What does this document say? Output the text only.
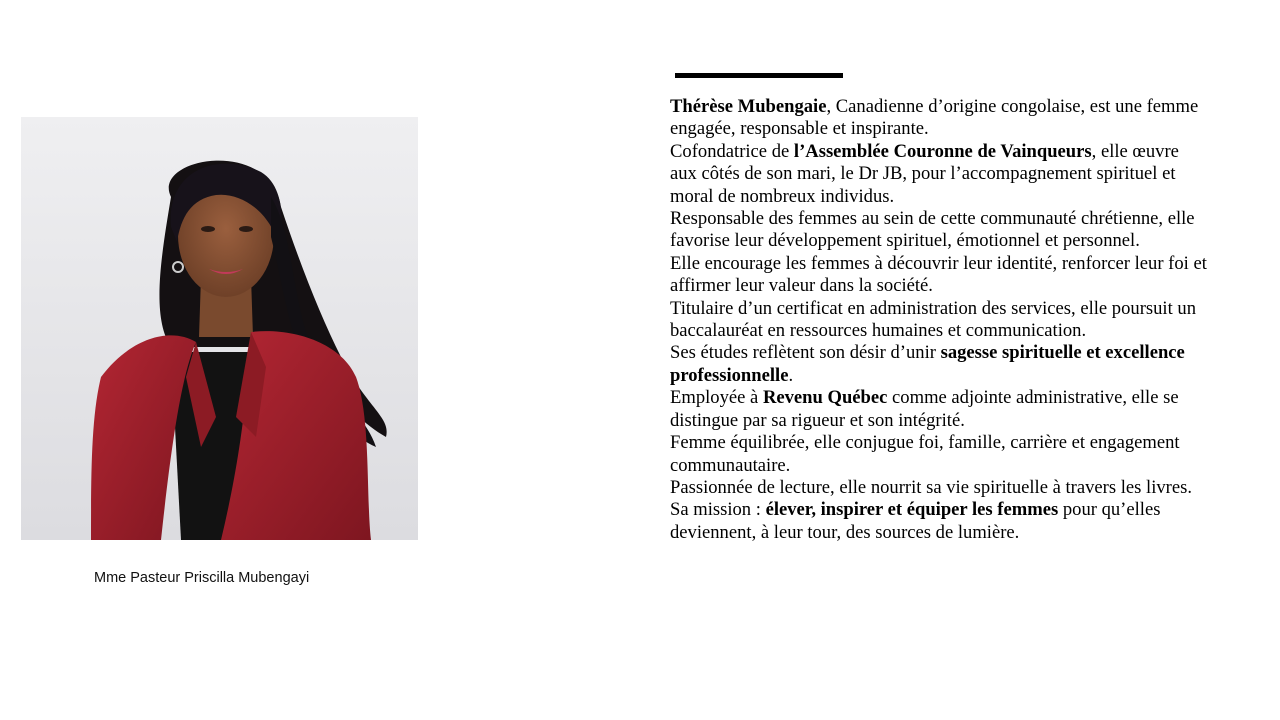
Mme Pasteur Priscilla Mubengayi

Thérèse Mubengaie, Canadienne d’origine congolaise, est une femme engagée, responsable et inspirante.

Cofondatrice de l’Assemblée Couronne de Vainqueurs, elle œuvre aux côtés de son mari, le Dr JB, pour l’accompagnement spirituel et moral de nombreux individus.

Responsable des femmes au sein de cette communauté chrétienne, elle favorise leur développement spirituel, émotionnel et personnel.

Elle encourage les femmes à découvrir leur identité, renforcer leur foi et affirmer leur valeur dans la société.

Titulaire d’un certificat en administration des services, elle poursuit un baccalauréat en ressources humaines et communication.

Ses études reflètent son désir d’unir sagesse spirituelle et excellence professionnelle.

Employée à Revenu Québec comme adjointe administrative, elle se distingue par sa rigueur et son intégrité.

Femme équilibrée, elle conjugue foi, famille, carrière et engagement communautaire.

Passionnée de lecture, elle nourrit sa vie spirituelle à travers les livres.

Sa mission : élever, inspirer et équiper les femmes pour qu’elles deviennent, à leur tour, des sources de lumière.
